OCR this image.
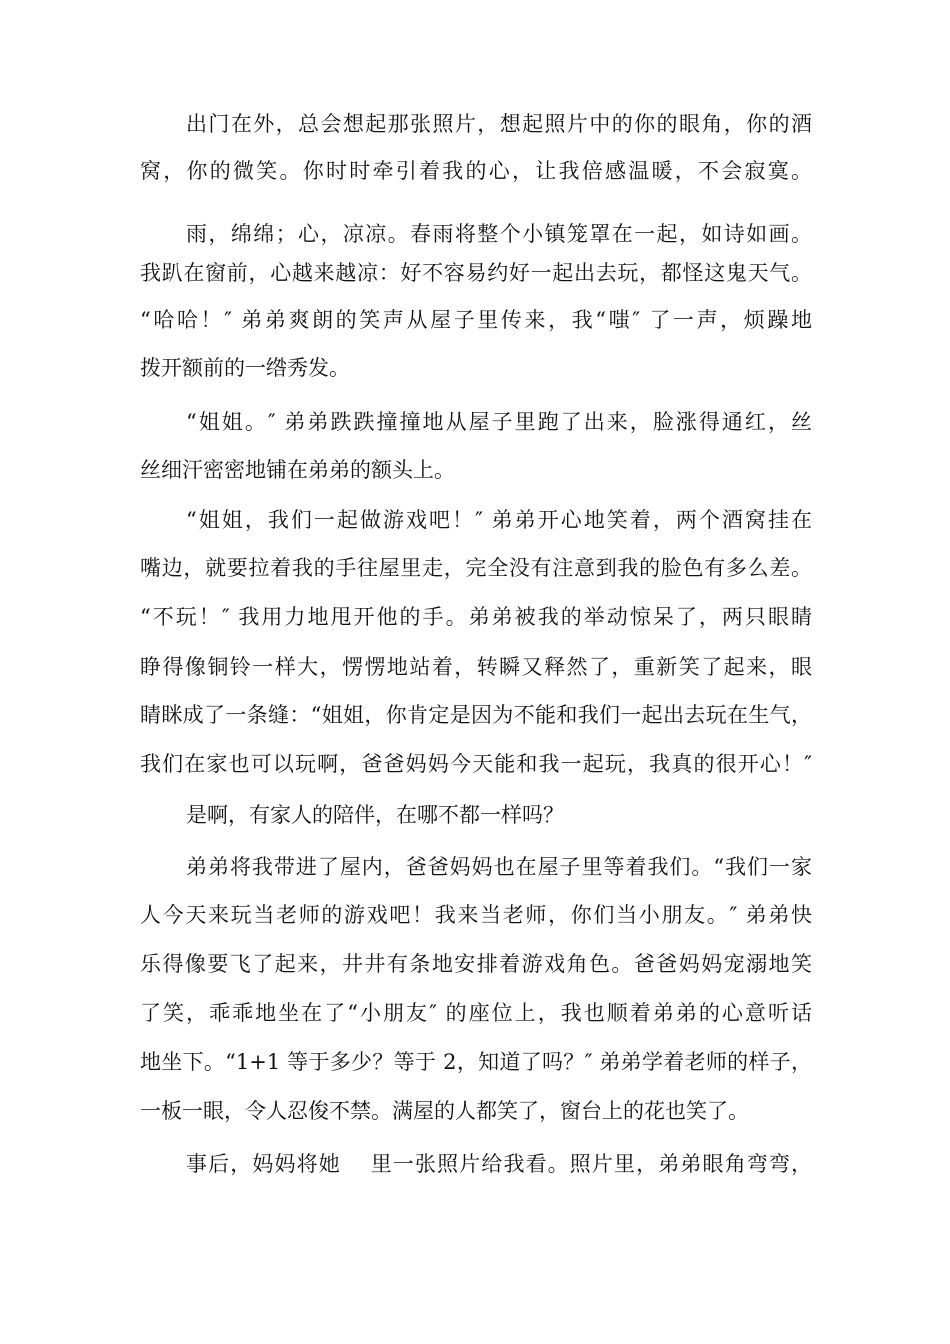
出门在外，总会想起那张照片，想起照片中的你的眼角，你的酒
窝，你的微笑。你时时牵引着我的心，让我倍感温暖，不会寂寞。
雨，绵绵；心，凉凉。春雨将整个小镇笼罩在一起，如诗如画。
我趴在窗前，心越来越凉：好不容易约好一起出去玩，都怪这鬼天气。
“哈哈！″ 弟弟爽朗的笑声从屋子里传来，我“嗤″ 了一声，烦躁地
拨开额前的一绺秀发。
“姐姐。″ 弟弟跌跌撞撞地从屋子里跑了出来，脸涨得通红，丝
丝细汗密密地铺在弟弟的额头上。
“姐姐，我们一起做游戏吧！″ 弟弟开心地笑着，两个酒窝挂在
嘴边，就要拉着我的手往屋里走，完全没有注意到我的脸色有多么差。
“不玩！″ 我用力地甩开他的手。弟弟被我的举动惊呆了，两只眼睛
睁得像铜铃一样大，愣愣地站着，转瞬又释然了，重新笑了起来，眼
睛眯成了一条缝：“姐姐，你肯定是因为不能和我们一起出去玩在生气，
我们在家也可以玩啊，爸爸妈妈今天能和我一起玩，我真的很开心！″
是啊，有家人的陪伴，在哪不都一样吗？
弟弟将我带进了屋内，爸爸妈妈也在屋子里等着我们。“我们一家
人今天来玩当老师的游戏吧！我来当老师，你们当小朋友。″ 弟弟快
乐得像要飞了起来，井井有条地安排着游戏角色。爸爸妈妈宠溺地笑
了笑，乖乖地坐在了“小朋友″ 的座位上，我也顺着弟弟的心意听话
地坐下。“1+1 等于多少？等于 2，知道了吗？″ 弟弟学着老师的样子，
一板一眼，令人忍俊不禁。满屋的人都笑了，窗台上的花也笑了。
事后，妈妈将她　 里一张照片给我看。照片里，弟弟眼角弯弯，
